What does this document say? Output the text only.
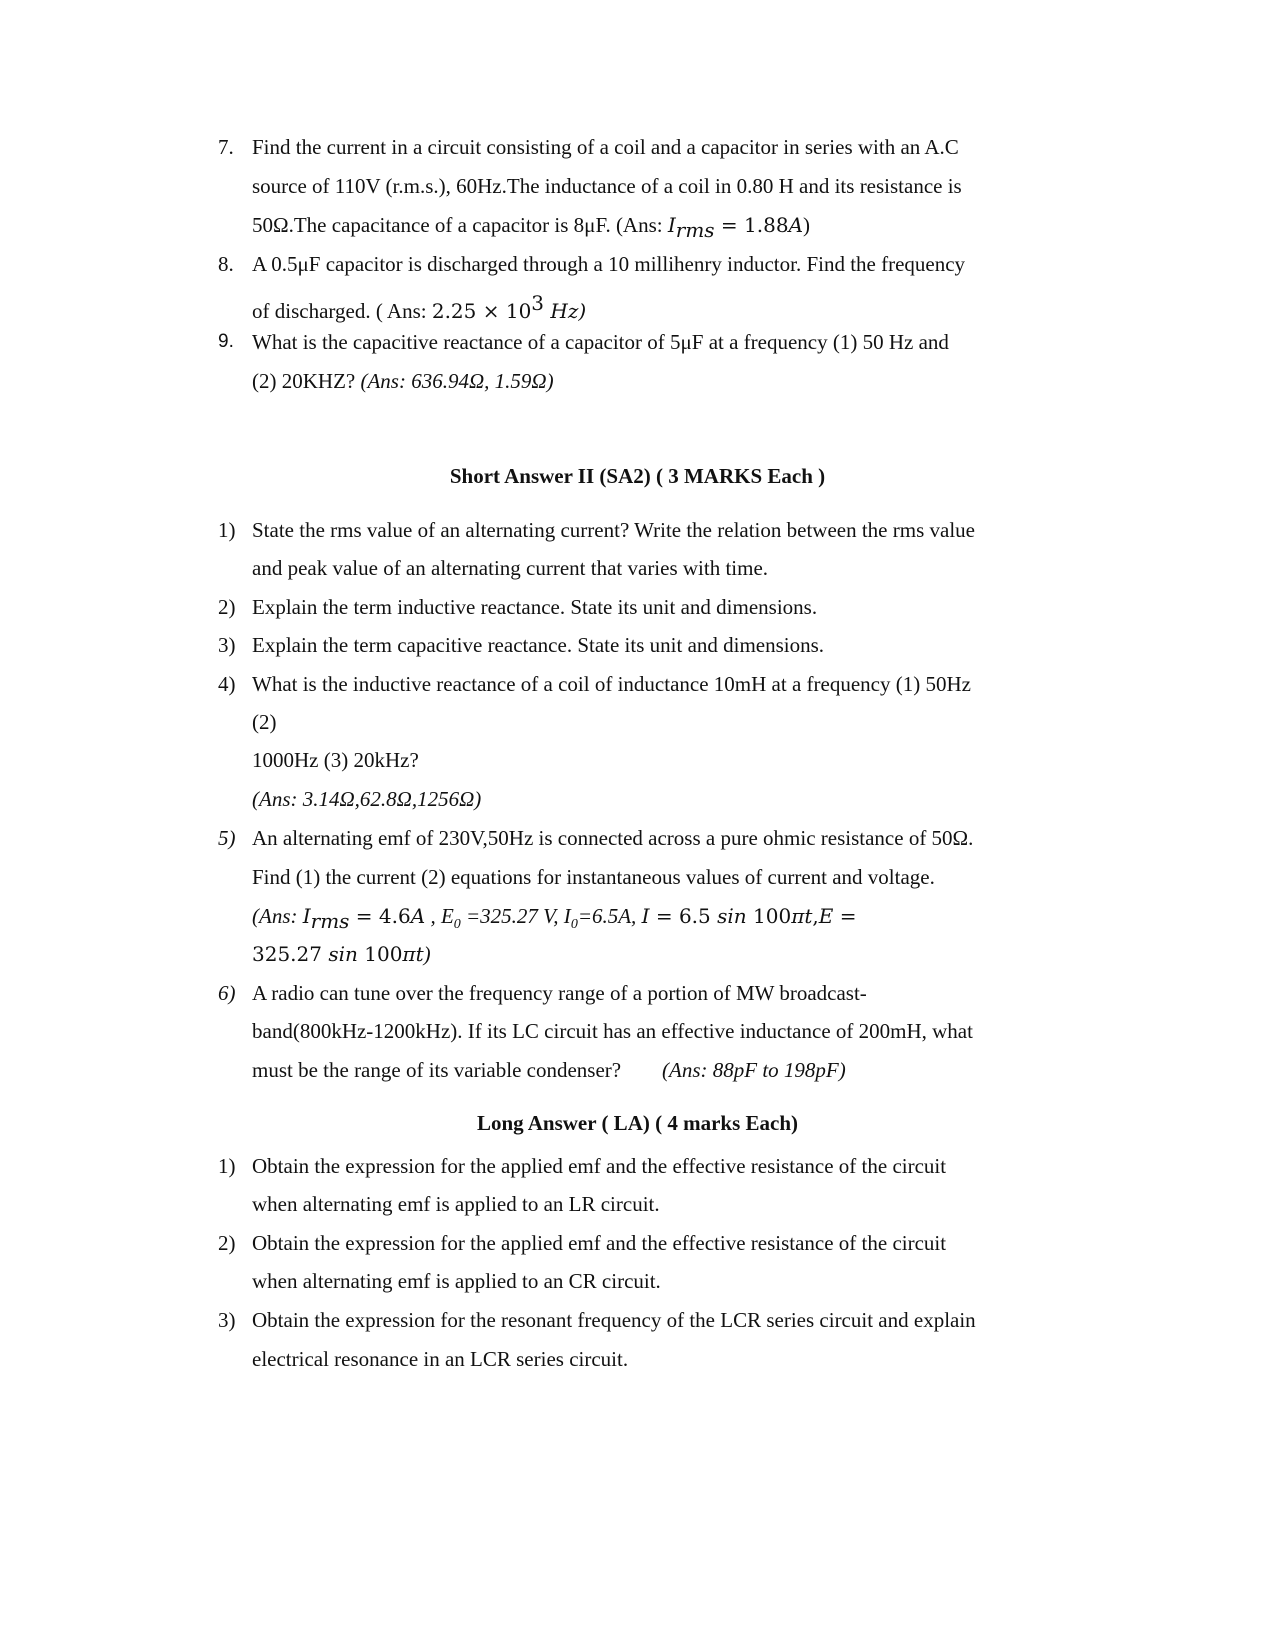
7. Find the current in a circuit consisting of a coil and a capacitor in series with an A.C
source of 110V (r.m.s.), 60Hz.The inductance of a coil in 0.80 H and its resistance is
50Ω.The capacitance of a capacitor is 8μF. (Ans: $I_{rms} = 1.88A$)
8. A 0.5μF capacitor is discharged through a 10 millihenry inductor. Find the frequency
of discharged. ( Ans: $2.25 \times 10^3$ Hz)
9. What is the capacitive reactance of a capacitor of 5μF at a frequency (1) 50 Hz and
(2) 20KHZ? (Ans: 636.94Ω, 1.59Ω)
Short Answer II (SA2) ( 3 MARKS Each )
1) State the rms value of an alternating current? Write the relation between the rms value
and peak value of an alternating current that varies with time.
2) Explain the term inductive reactance. State its unit and dimensions.
3) Explain the term capacitive reactance. State its unit and dimensions.
4) What is the inductive reactance of a coil of inductance 10mH at a frequency (1) 50Hz
(2)
1000Hz (3) 20kHz?
(Ans: 3.14Ω,62.8Ω,1256Ω)
5) An alternating emf of 230V,50Hz is connected across a pure ohmic resistance of 50Ω.
Find (1) the current (2) equations for instantaneous values of current and voltage.
(Ans: $I_{rms} = 4.6A$ , $E_0 =325.27$ V, $I_0=6.5A$, I = 6.5 sin 100πt,E =
325.27 sin 100πt)
6) A radio can tune over the frequency range of a portion of MW broadcast-
band(800kHz-1200kHz). If its LC circuit has an effective inductance of 200mH, what
must be the range of its variable condenser? (Ans: 88pF to 198pF)
Long Answer ( LA) ( 4 marks Each)
1) Obtain the expression for the applied emf and the effective resistance of the circuit
when alternating emf is applied to an LR circuit.
2) Obtain the expression for the applied emf and the effective resistance of the circuit
when alternating emf is applied to an CR circuit.
3) Obtain the expression for the resonant frequency of the LCR series circuit and explain
electrical resonance in an LCR series circuit.
